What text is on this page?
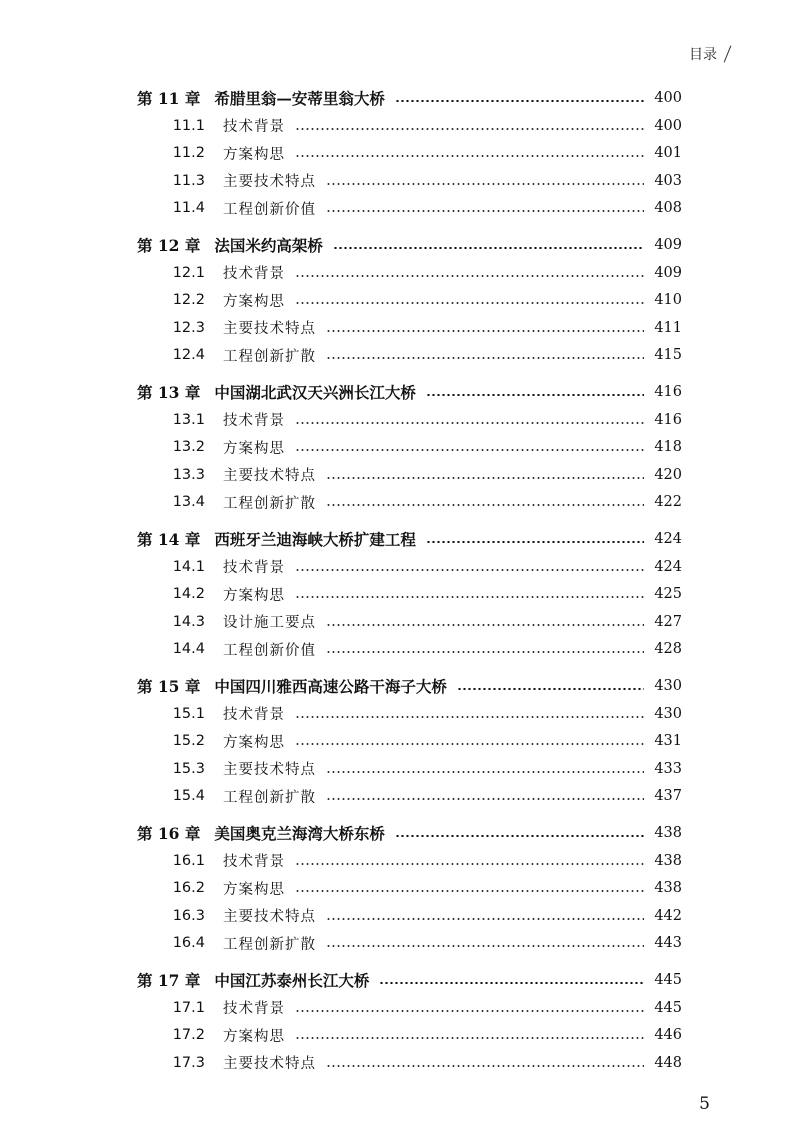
目录
第 11 章 希腊里翁—安蒂里翁大桥	400
11.1 技术背景	400
11.2 方案构思	401
11.3 主要技术特点	403
11.4 工程创新价值	408
第 12 章 法国米约高架桥	409
12.1 技术背景	409
12.2 方案构思	410
12.3 主要技术特点	411
12.4 工程创新扩散	415
第 13 章 中国湖北武汉天兴洲长江大桥	416
13.1 技术背景	416
13.2 方案构思	418
13.3 主要技术特点	420
13.4 工程创新扩散	422
第 14 章 西班牙兰迪海峡大桥扩建工程	424
14.1 技术背景	424
14.2 方案构思	425
14.3 设计施工要点	427
14.4 工程创新价值	428
第 15 章 中国四川雅西高速公路干海子大桥	430
15.1 技术背景	430
15.2 方案构思	431
15.3 主要技术特点	433
15.4 工程创新扩散	437
第 16 章 美国奥克兰海湾大桥东桥	438
16.1 技术背景	438
16.2 方案构思	438
16.3 主要技术特点	442
16.4 工程创新扩散	443
第 17 章 中国江苏泰州长江大桥	445
17.1 技术背景	445
17.2 方案构思	446
17.3 主要技术特点	448
5
